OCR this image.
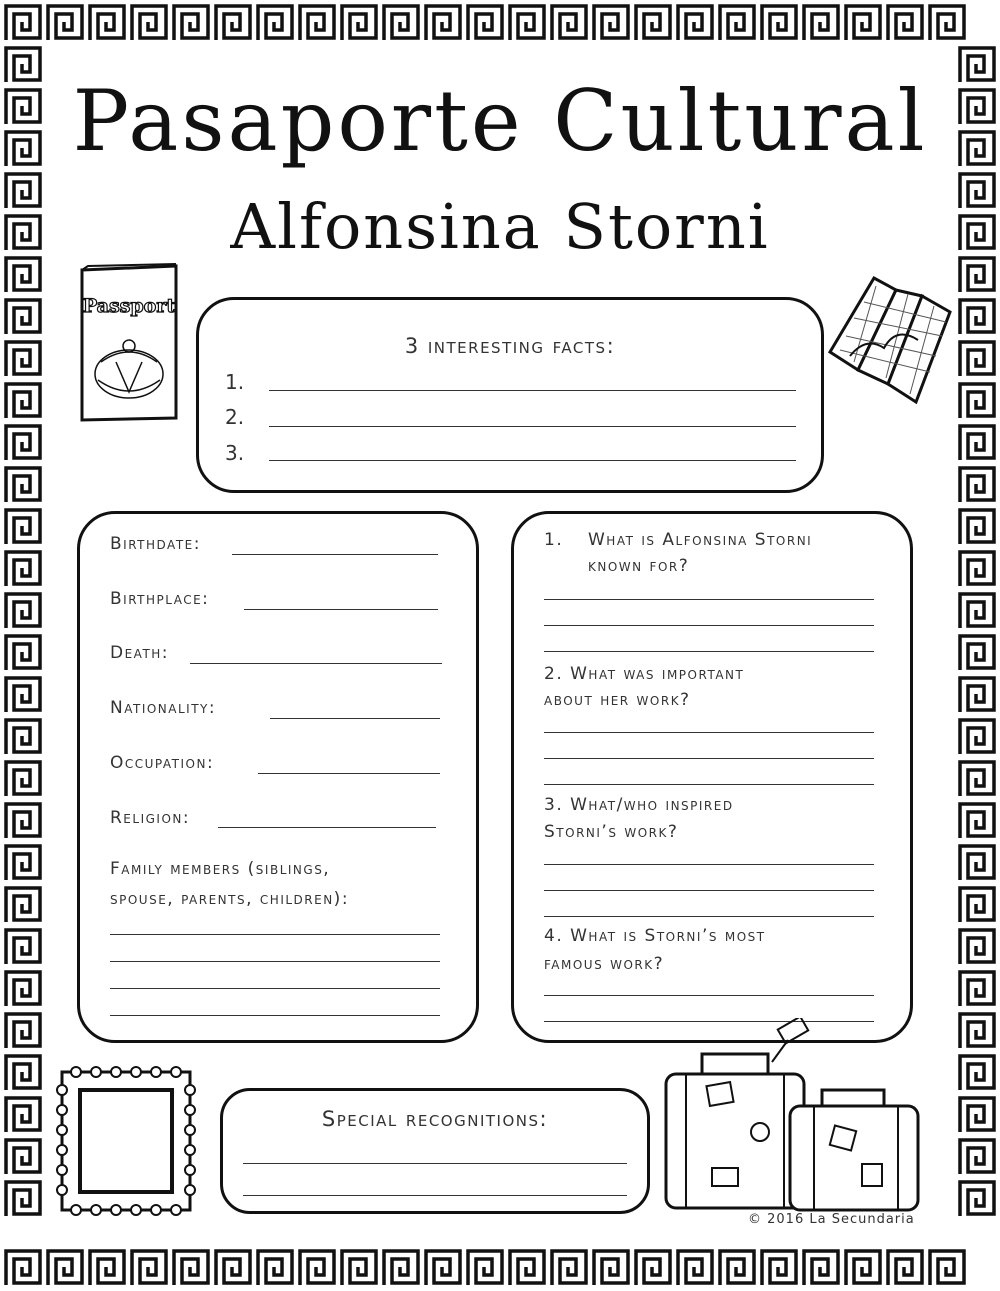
Pasaporte Cultural
Alfonsina Storni
Passport
3 interesting facts:
1.
2.
3.
Birthdate:
Birthplace:
Death:
Nationality:
Occupation:
Religion:
Family members (siblings,
spouse, parents, children):
1. What is Alfonsina Storni
known for?
2. What was important
about her work?
3. What/who inspired
Storni’s work?
4. What is Storni’s most
famous work?
Special recognitions:
© 2016 La Secundaria
